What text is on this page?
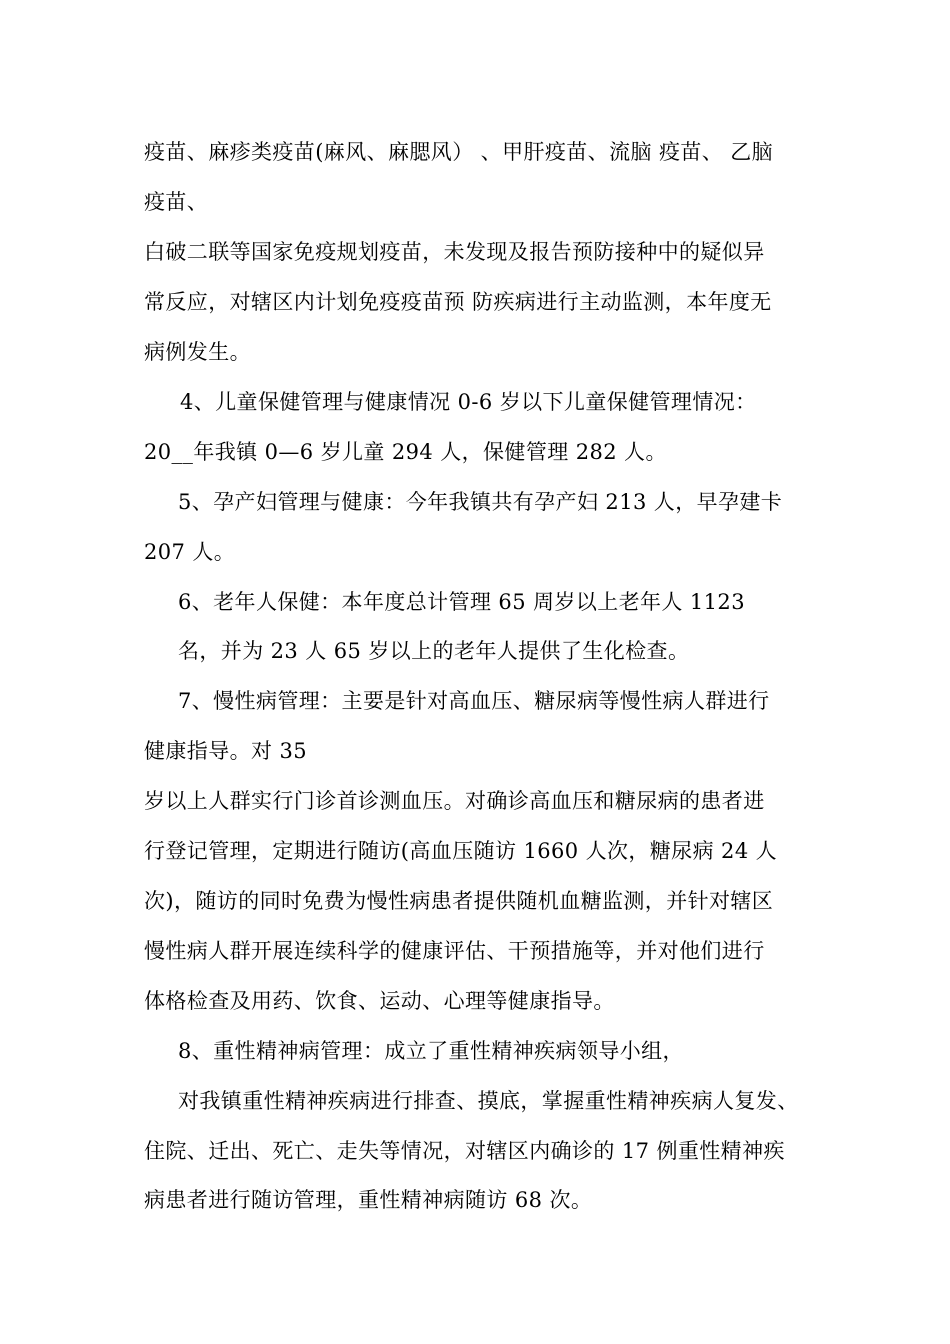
疫苗、麻疹类疫苗(麻风、麻腮风） 、甲肝疫苗、流脑 疫苗、 乙脑
疫苗、
白破二联等国家免疫规划疫苗，未发现及报告预防接种中的疑似异
常反应，对辖区内计划免疫疫苗预 防疾病进行主动监测，本年度无
病例发生。
4、儿童保健管理与健康情况 0-6 岁以下儿童保健管理情况：
20__年我镇 0—6 岁儿童 294 人，保健管理 282 人。
5、孕产妇管理与健康：今年我镇共有孕产妇 213 人，早孕建卡
207 人。
6、老年人保健：本年度总计管理 65 周岁以上老年人 1123
名，并为 23 人 65 岁以上的老年人提供了生化检查。
7、慢性病管理：主要是针对高血压、糖尿病等慢性病人群进行
健康指导。对 35
岁以上人群实行门诊首诊测血压。对确诊高血压和糖尿病的患者进
行登记管理，定期进行随访(高血压随访 1660 人次，糖尿病 24 人
次)，随访的同时免费为慢性病患者提供随机血糖监测，并针对辖区
慢性病人群开展连续科学的健康评估、干预措施等，并对他们进行
体格检查及用药、饮食、运动、心理等健康指导。
8、重性精神病管理：成立了重性精神疾病领导小组，
对我镇重性精神疾病进行排查、摸底，掌握重性精神疾病人复发、
住院、迁出、死亡、走失等情况，对辖区内确诊的 17 例重性精神疾
病患者进行随访管理，重性精神病随访 68 次。
